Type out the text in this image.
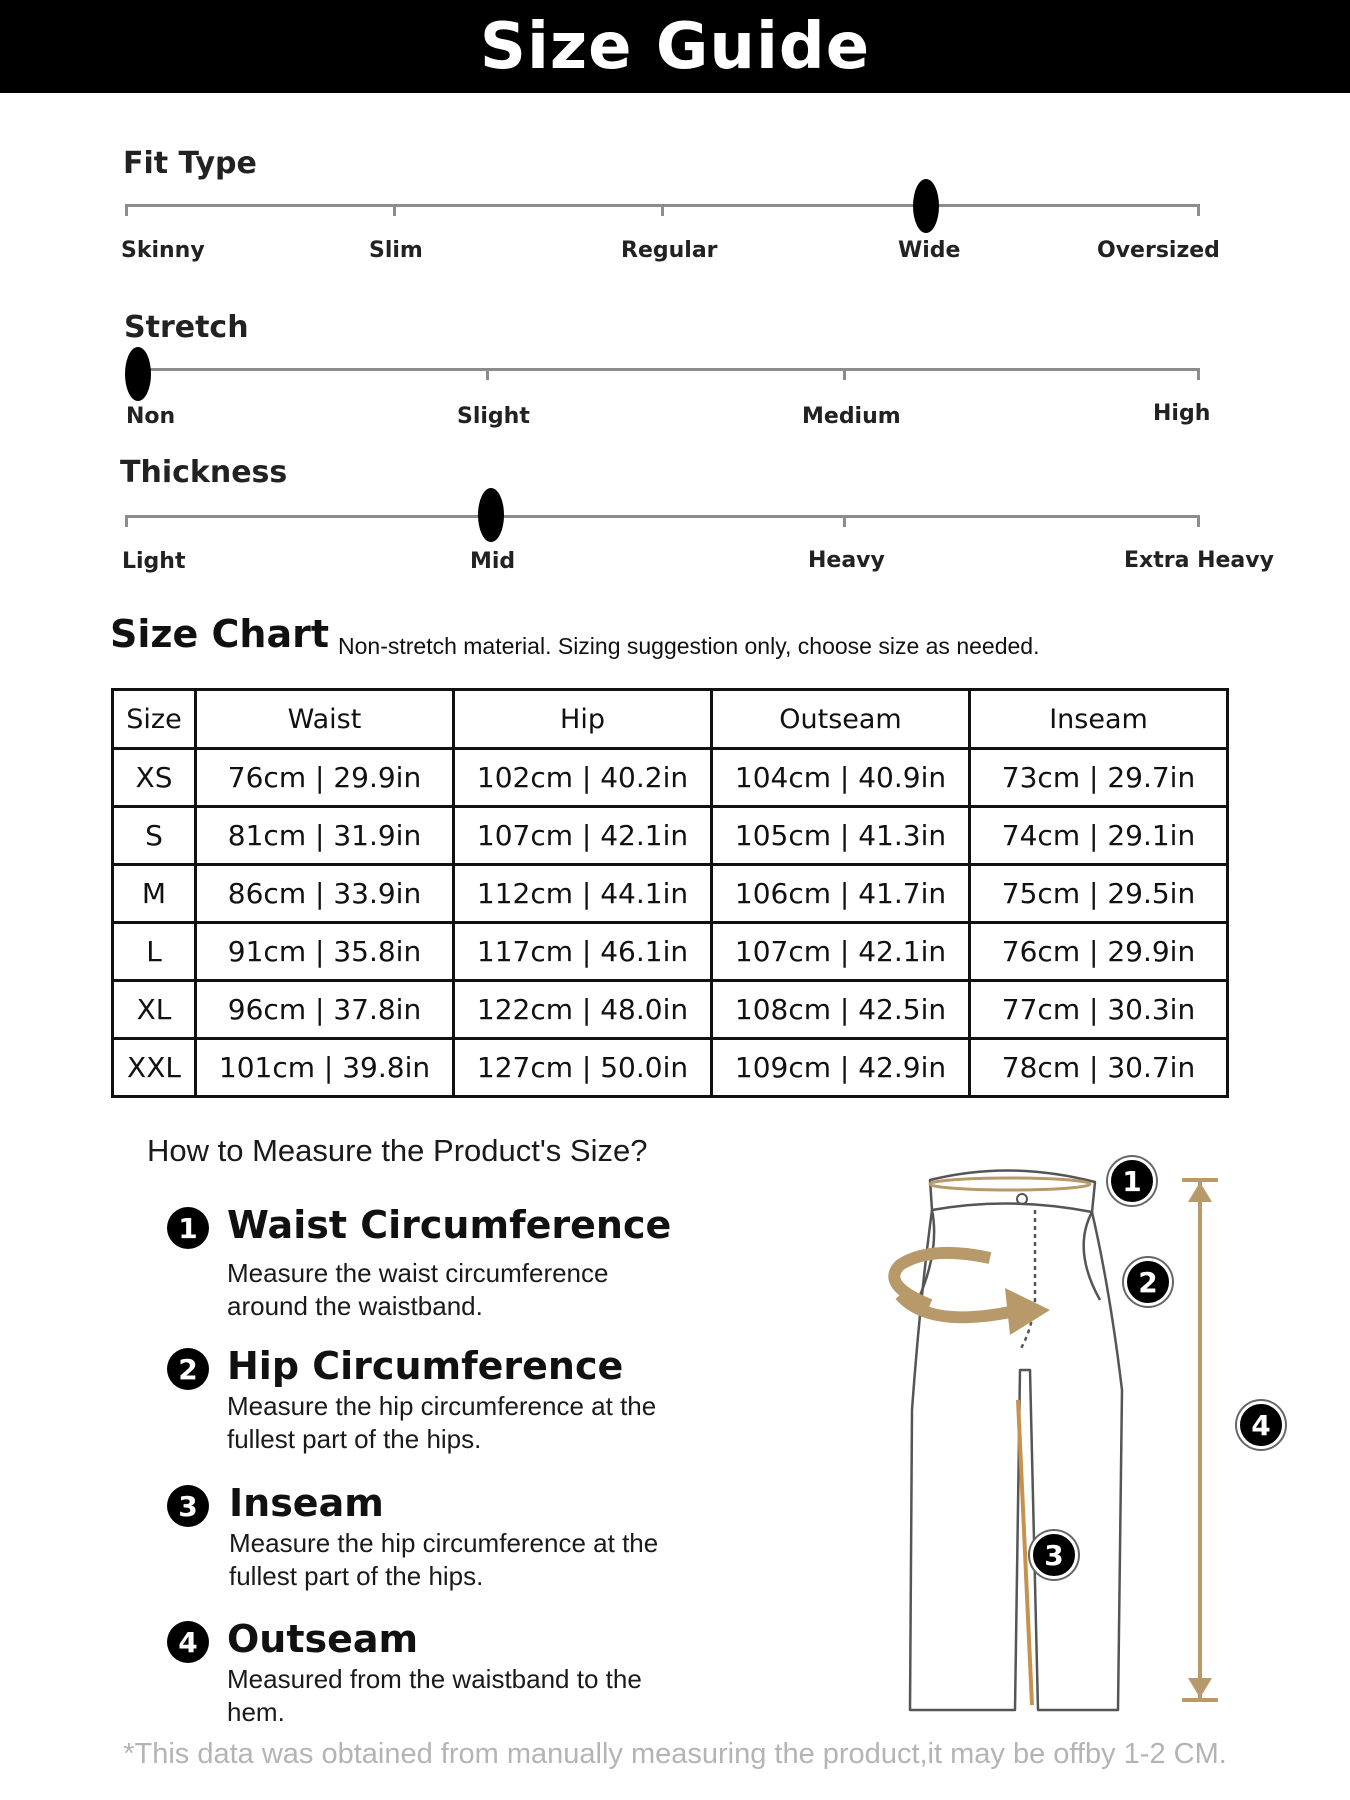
Size Guide
Fit Type
Skinny	Slim	Regular	Wide	Oversized
Stretch
Non	Slight	Medium	High
Thickness
Light	Mid	Heavy	Extra Heavy
Size Chart Non-stretch material. Sizing suggestion only, choose size as needed.
Size	Waist	Hip	Outseam	Inseam
XS	76cm | 29.9in	102cm | 40.2in	104cm | 40.9in	73cm | 29.7in
S	81cm | 31.9in	107cm | 42.1in	105cm | 41.3in	74cm | 29.1in
M	86cm | 33.9in	112cm | 44.1in	106cm | 41.7in	75cm | 29.5in
L	91cm | 35.8in	117cm | 46.1in	107cm | 42.1in	76cm | 29.9in
XL	96cm | 37.8in	122cm | 48.0in	108cm | 42.5in	77cm | 30.3in
XXL	101cm | 39.8in	127cm | 50.0in	109cm | 42.9in	78cm | 30.7in
How to Measure the Product's Size?
1 Waist Circumference
Measure the waist circumference around the waistband.
2 Hip Circumference
Measure the hip circumference at the fullest part of the hips.
3 Inseam
Measure the hip circumference at the fullest part of the hips.
4 Outseam
Measured from the waistband to the hem.
1
2
3
4
*This data was obtained from manually measuring the product,it may be offby 1-2 CM.
